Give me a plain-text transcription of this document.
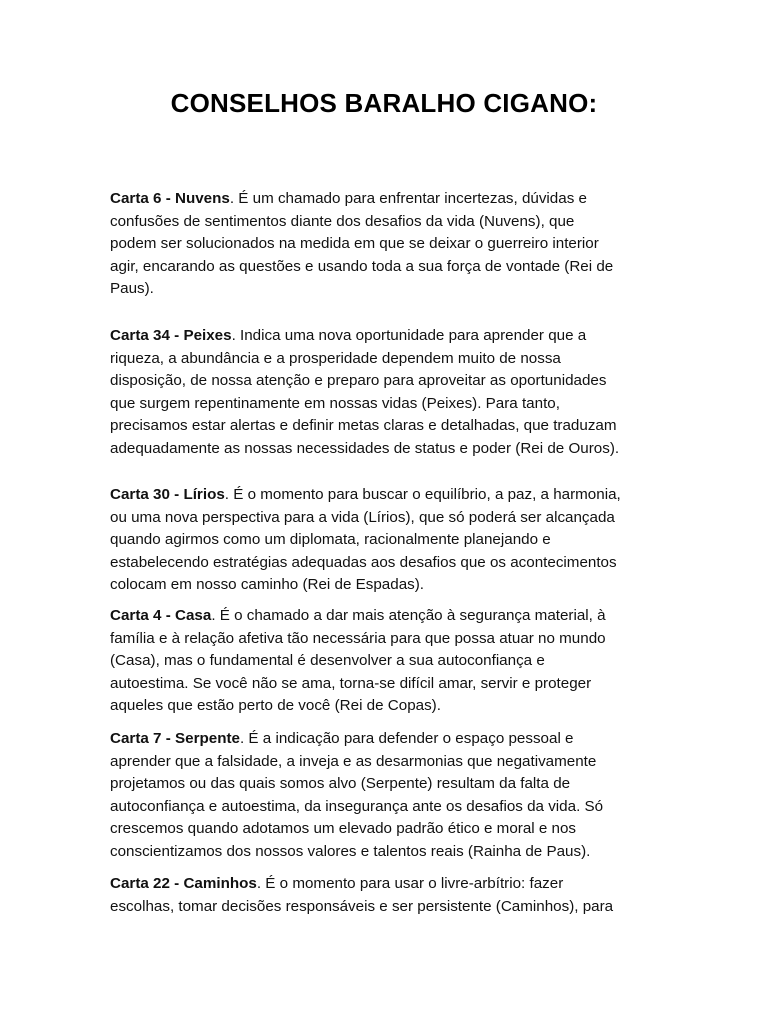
CONSELHOS BARALHO CIGANO:

Carta 6 - Nuvens. É um chamado para enfrentar incertezas, dúvidas e
confusões de sentimentos diante dos desafios da vida (Nuvens), que
podem ser solucionados na medida em que se deixar o guerreiro interior
agir, encarando as questões e usando toda a sua força de vontade (Rei de
Paus).

Carta 34 - Peixes. Indica uma nova oportunidade para aprender que a
riqueza, a abundância e a prosperidade dependem muito de nossa
disposição, de nossa atenção e preparo para aproveitar as oportunidades
que surgem repentinamente em nossas vidas (Peixes). Para tanto,
precisamos estar alertas e definir metas claras e detalhadas, que traduzam
adequadamente as nossas necessidades de status e poder (Rei de Ouros).

Carta 30 - Lírios. É o momento para buscar o equilíbrio, a paz, a harmonia,
ou uma nova perspectiva para a vida (Lírios), que só poderá ser alcançada
quando agirmos como um diplomata, racionalmente planejando e
estabelecendo estratégias adequadas aos desafios que os acontecimentos
colocam em nosso caminho (Rei de Espadas).

Carta 4 - Casa. É o chamado a dar mais atenção à segurança material, à
família e à relação afetiva tão necessária para que possa atuar no mundo
(Casa), mas o fundamental é desenvolver a sua autoconfiança e
autoestima. Se você não se ama, torna-se difícil amar, servir e proteger
aqueles que estão perto de você (Rei de Copas).

Carta 7 - Serpente. É a indicação para defender o espaço pessoal e
aprender que a falsidade, a inveja e as desarmonias que negativamente
projetamos ou das quais somos alvo (Serpente) resultam da falta de
autoconfiança e autoestima, da insegurança ante os desafios da vida. Só
crescemos quando adotamos um elevado padrão ético e moral e nos
conscientizamos dos nossos valores e talentos reais (Rainha de Paus).

Carta 22 - Caminhos. É o momento para usar o livre-arbítrio: fazer
escolhas, tomar decisões responsáveis e ser persistente (Caminhos), para
